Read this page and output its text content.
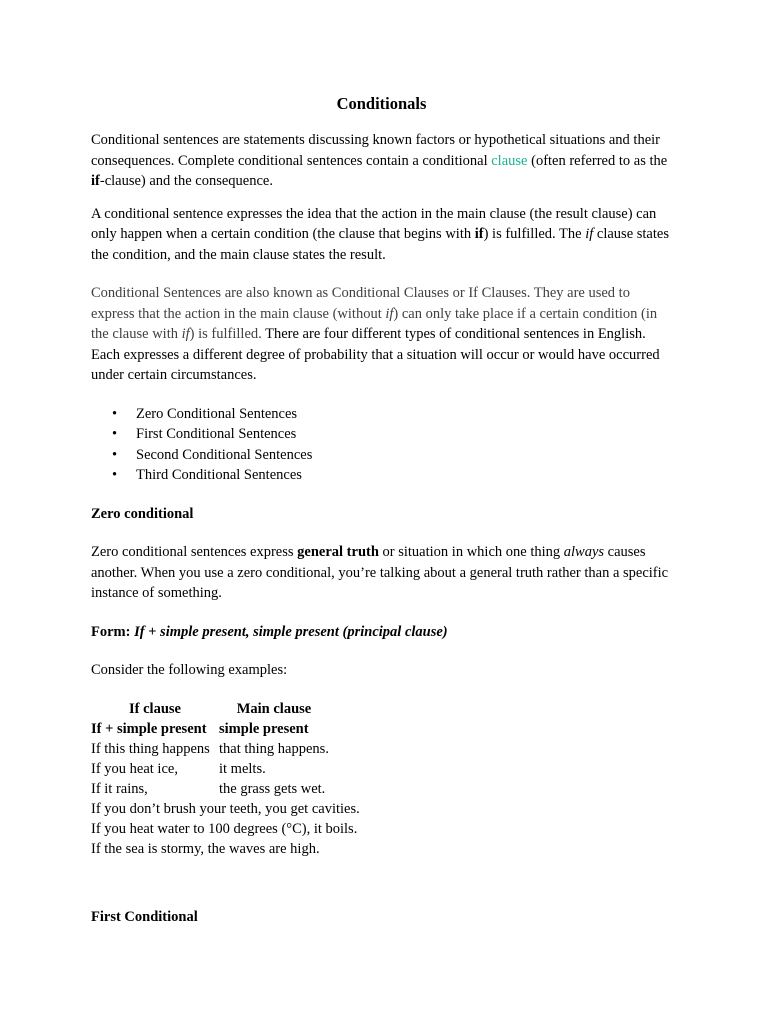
Conditionals

Conditional sentences are statements discussing known factors or hypothetical situations and their consequences. Complete conditional sentences contain a conditional clause (often referred to as the if-clause) and the consequence.

A conditional sentence expresses the idea that the action in the main clause (the result clause) can only happen when a certain condition (the clause that begins with if) is fulfilled. The if clause states the condition, and the main clause states the result.

Conditional Sentences are also known as Conditional Clauses or If Clauses. They are used to express that the action in the main clause (without if) can only take place if a certain condition (in the clause with if) is fulfilled. There are four different types of conditional sentences in English. Each expresses a different degree of probability that a situation will occur or would have occurred under certain circumstances.

• Zero Conditional Sentences
• First Conditional Sentences
• Second Conditional Sentences
• Third Conditional Sentences

Zero conditional

Zero conditional sentences express general truth or situation in which one thing always causes another. When you use a zero conditional, you’re talking about a general truth rather than a specific instance of something.

Form: If + simple present, simple present (principal clause)

Consider the following examples:

If clause	Main clause
If + simple present	simple present
If this thing happens	that thing happens.
If you heat ice,	it melts.
If it rains,	the grass gets wet.
If you don’t brush your teeth, you get cavities.
If you heat water to 100 degrees (°C), it boils.
If the sea is stormy, the waves are high.

First Conditional
